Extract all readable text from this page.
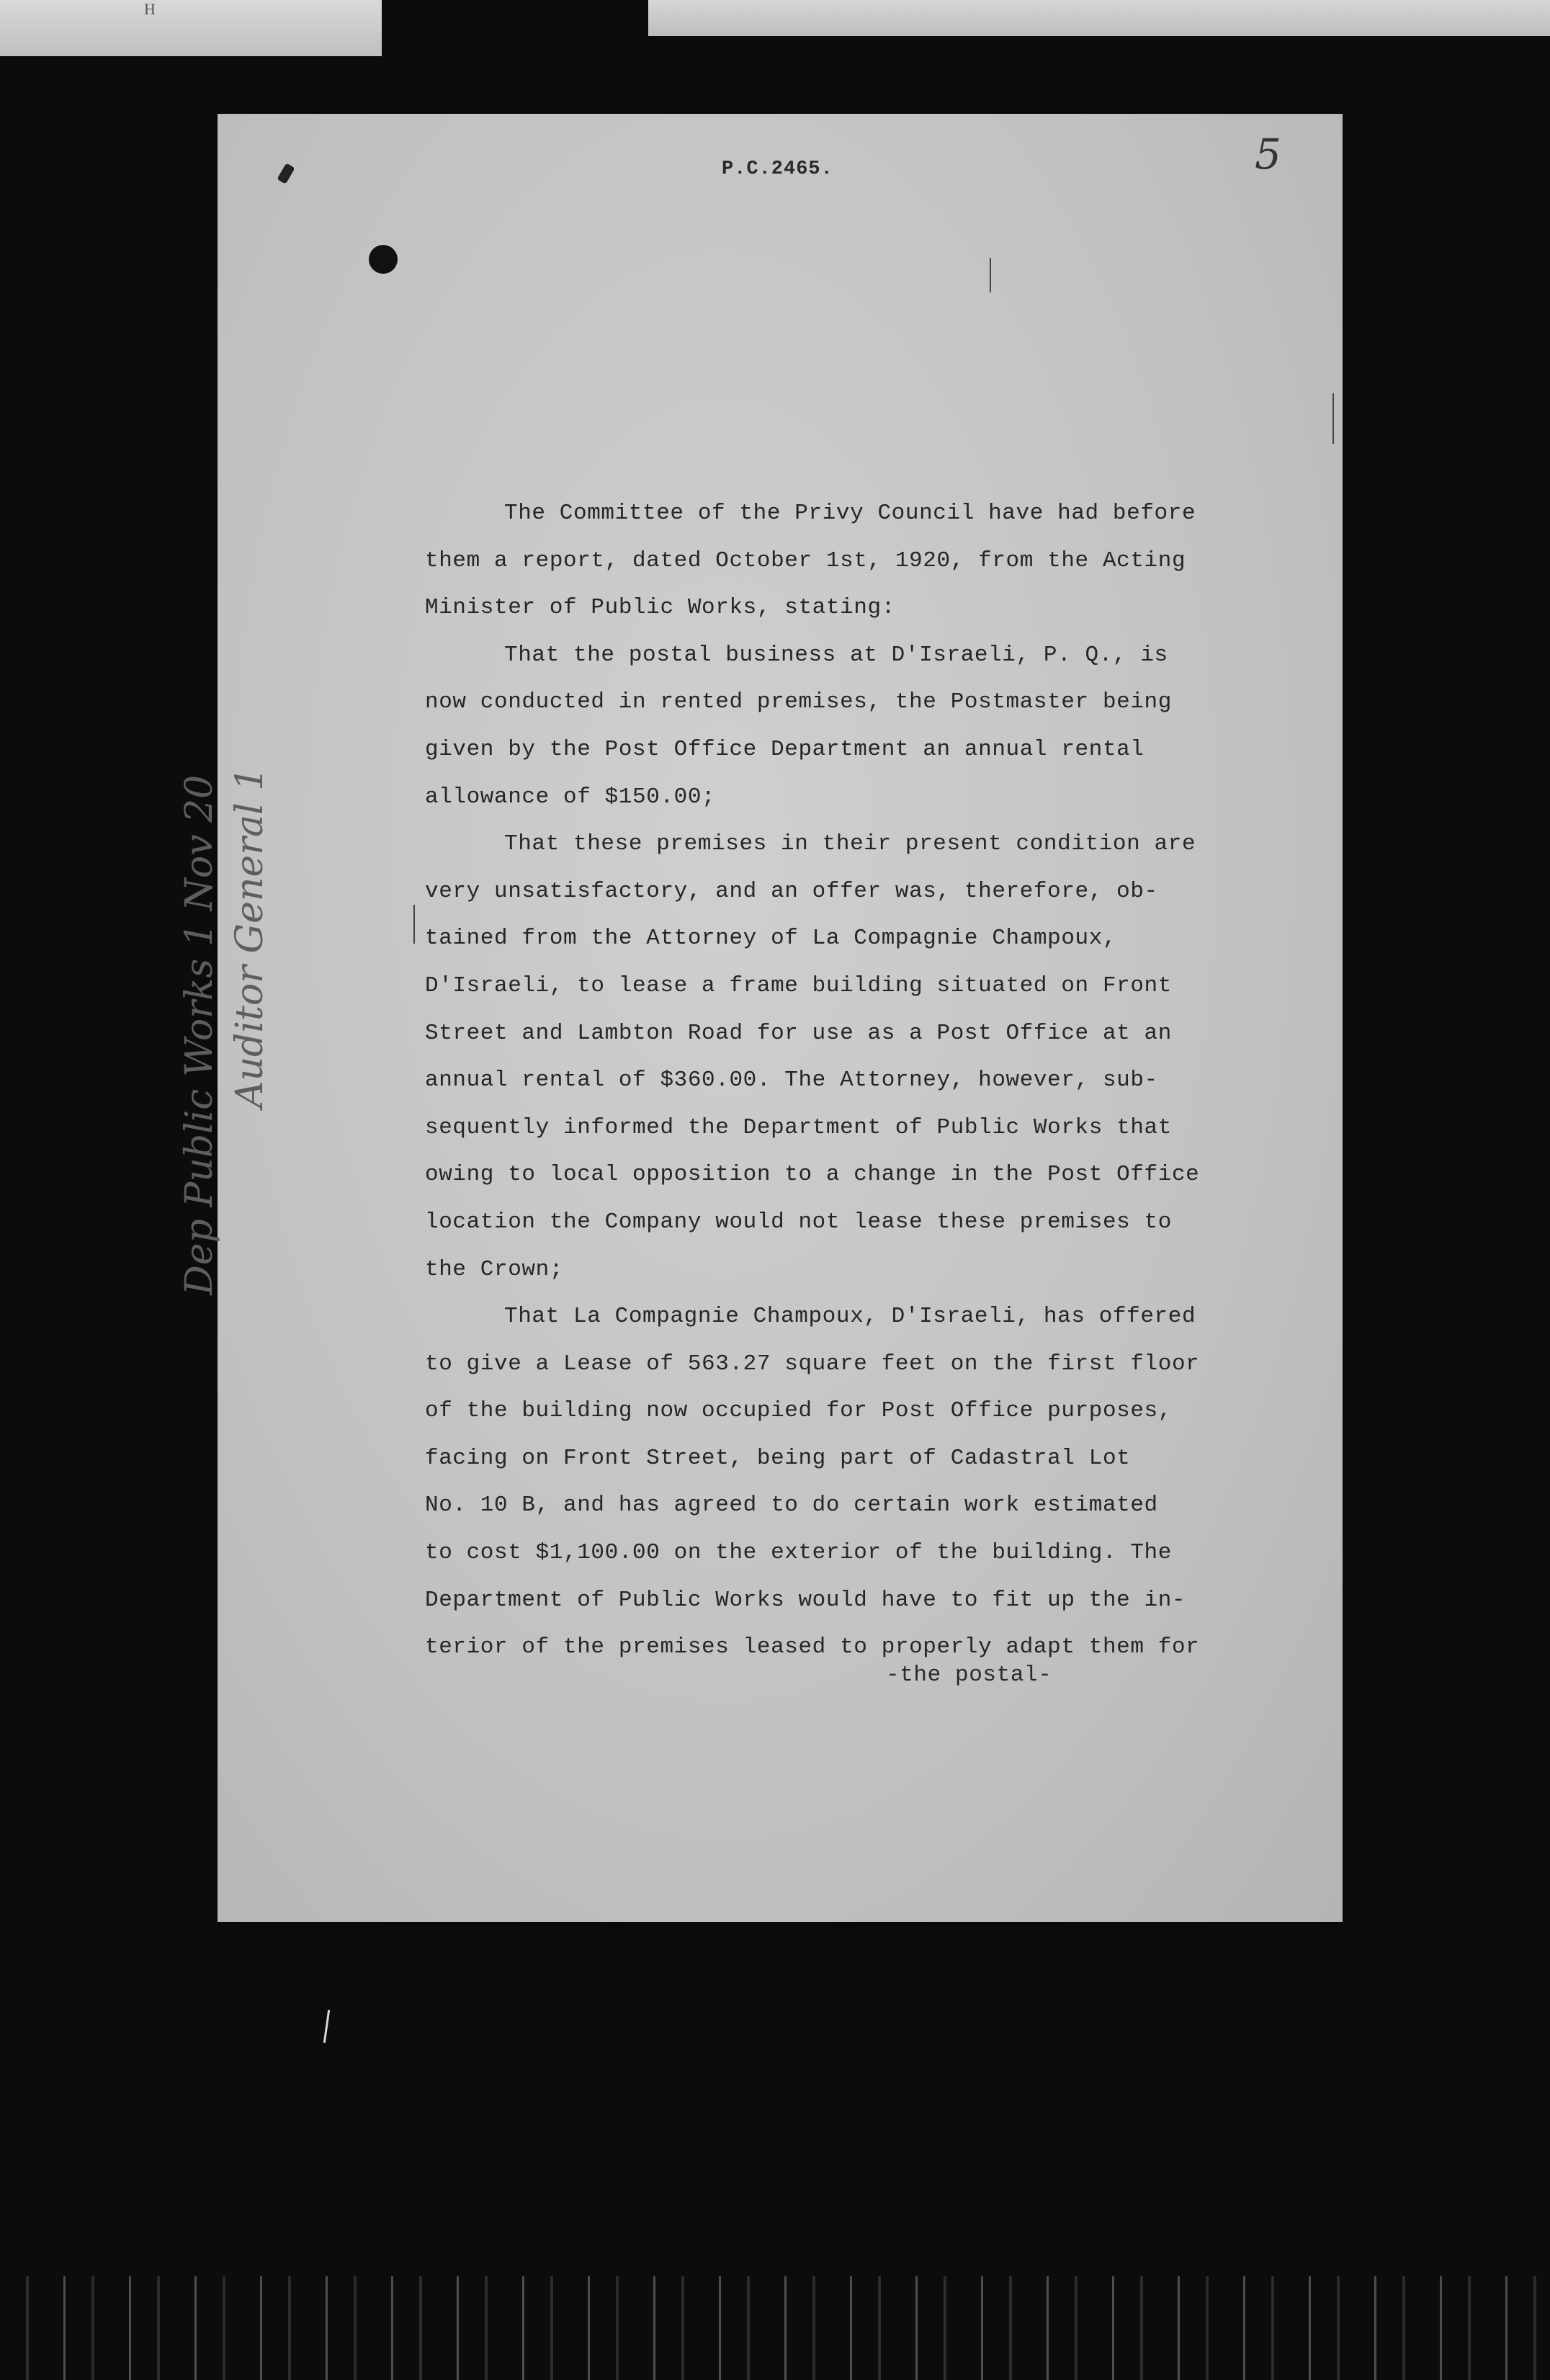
H
P.C.2465.	5
Dep Public Works 1 Nov 20 Auditor General 1

The Committee of the Privy Council have had before
them a report, dated October 1st, 1920, from the Acting
Minister of Public Works, stating:

That the postal business at D'Israeli, P. Q., is
now conducted in rented premises, the Postmaster being
given by the Post Office Department an annual rental
allowance of $150.00;

That these premises in their present condition are
very unsatisfactory, and an offer was, therefore, ob-
tained from the Attorney of La Compagnie Champoux,
D'Israeli, to lease a frame building situated on Front
Street and Lambton Road for use as a Post Office at an
annual rental of $360.00. The Attorney, however, sub-
sequently informed the Department of Public Works that
owing to local opposition to a change in the Post Office
location the Company would not lease these premises to
the Crown;

That La Compagnie Champoux, D'Israeli, has offered
to give a Lease of 563.27 square feet on the first floor
of the building now occupied for Post Office purposes,
facing on Front Street, being part of Cadastral Lot
No. 10 B, and has agreed to do certain work estimated
to cost $1,100.00 on the exterior of the building. The
Department of Public Works would have to fit up the in-
terior of the premises leased to properly adapt them for

-the postal-
